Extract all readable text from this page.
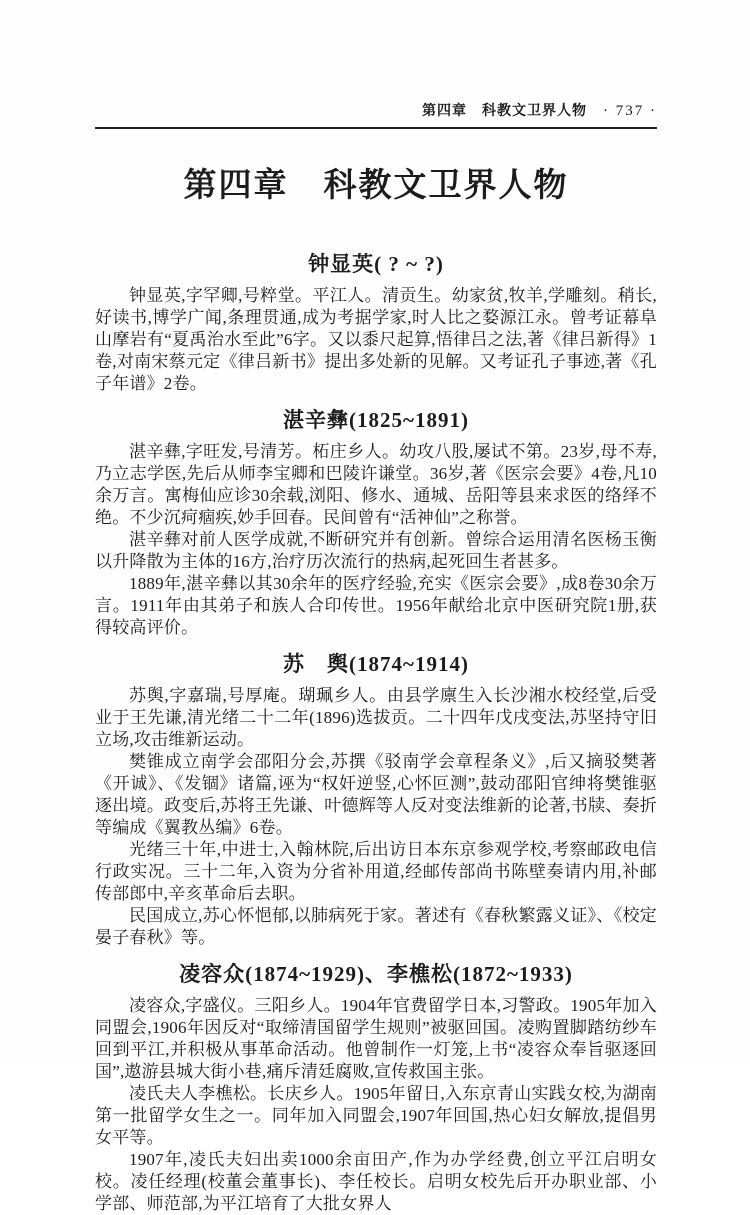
第四章　科教文卫界人物 · 737 ·
第四章　科教文卫界人物
钟显英( ? ~ ?)

钟显英,字罕卿,号粹堂。平江人。清贡生。幼家贫,牧羊,学雕刻。稍长,好读书,博学广闻,条理贯通,成为考据学家,时人比之婺源江永。曾考证幕阜山摩岩有“夏禹治水至此”6字。又以黍尺起算,悟律吕之法,著《律吕新得》1卷,对南宋蔡元定《律吕新书》提出多处新的见解。又考证孔子事迹,著《孔子年谱》2卷。

湛辛彝(1825~1891)

湛辛彝,字旺发,号清芳。柘庄乡人。幼攻八股,屡试不第。23岁,母不寿,乃立志学医,先后从师李宝卿和巴陵许谦堂。36岁,著《医宗会要》4卷,凡10余万言。寓梅仙应诊30余载,浏阳、修水、通城、岳阳等县来求医的络绎不绝。不少沉疴痼疾,妙手回春。民间曾有“活神仙”之称誉。

湛辛彝对前人医学成就,不断研究并有创新。曾综合运用清名医杨玉衡以升降散为主体的16方,治疗历次流行的热病,起死回生者甚多。

1889年,湛辛彝以其30余年的医疗经验,充实《医宗会要》,成8卷30余万言。1911年由其弟子和族人合印传世。1956年献给北京中医研究院1册,获得较高评价。

苏　舆(1874~1914)

苏舆,字嘉瑞,号厚庵。瑚珮乡人。由县学廪生入长沙湘水校经堂,后受业于王先谦,清光绪二十二年(1896)选拔贡。二十四年戊戌变法,苏坚持守旧立场,攻击维新运动。

樊锥成立南学会邵阳分会,苏撰《驳南学会章程条义》,后又摘驳樊著《开诚》、《发锢》诸篇,诬为“权奸逆竖,心怀叵测”,鼓动邵阳官绅将樊锥驱逐出境。政变后,苏将王先谦、叶德辉等人反对变法维新的论著,书牍、奏折等编成《翼教丛编》6卷。

光绪三十年,中进士,入翰林院,后出访日本东京参观学校,考察邮政电信行政实况。三十二年,入资为分省补用道,经邮传部尚书陈壁奏请内用,补邮传部郎中,辛亥革命后去职。

民国成立,苏心怀悒郁,以肺病死于家。著述有《春秋繁露义证》、《校定晏子春秋》等。

凌容众(1874~1929)、李樵松(1872~1933)

凌容众,字盛仪。三阳乡人。1904年官费留学日本,习警政。1905年加入同盟会,1906年因反对“取缔清国留学生规则”被驱回国。凌购置脚踏纺纱车回到平江,并积极从事革命活动。他曾制作一灯笼,上书“凌容众奉旨驱逐回国”,遨游县城大街小巷,痛斥清廷腐败,宣传救国主张。

凌氏夫人李樵松。长庆乡人。1905年留日,入东京青山实践女校,为湖南第一批留学女生之一。同年加入同盟会,1907年回国,热心妇女解放,提倡男女平等。

1907年,凌氏夫妇出卖1000余亩田产,作为办学经费,创立平江启明女校。凌任经理(校董会董事长)、李任校长。启明女校先后开办职业部、小学部、师范部,为平江培育了大批女界人
